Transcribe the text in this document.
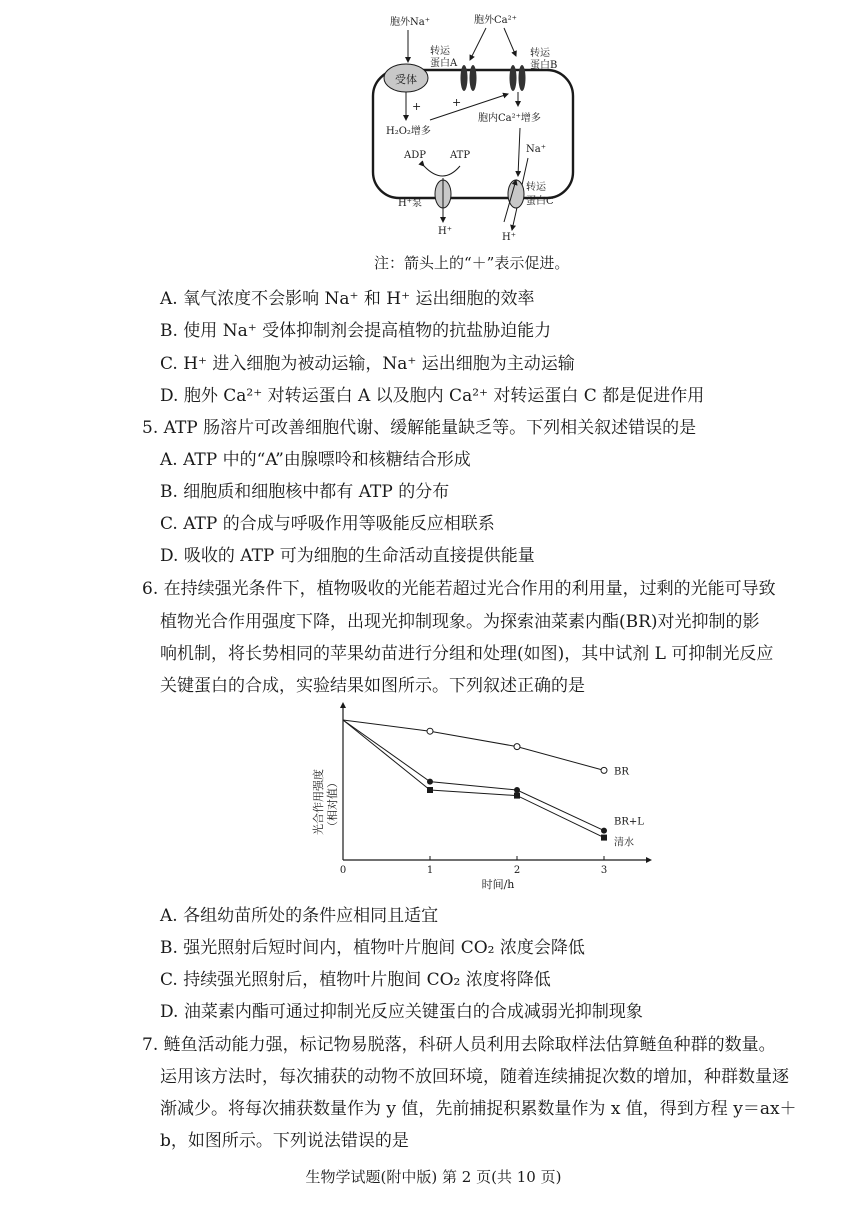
受体
胞外Na⁺	胞外Ca²⁺
转运
蛋白A
转运
蛋白B
+
H₂O₂增多
+
胞内Ca²⁺增多
Na⁺
ADP ATP
H⁺泵
H⁺
转运
蛋白C
H⁺
注：箭头上的“＋”表示促进。
A. 氧气浓度不会影响 Na⁺ 和 H⁺ 运出细胞的效率
B. 使用 Na⁺ 受体抑制剂会提高植物的抗盐胁迫能力
C. H⁺ 进入细胞为被动运输，Na⁺ 运出细胞为主动运输
D. 胞外 Ca²⁺ 对转运蛋白 A 以及胞内 Ca²⁺ 对转运蛋白 C 都是促进作用
5. ATP 肠溶片可改善细胞代谢、缓解能量缺乏等。下列相关叙述错误的是
A. ATP 中的“A”由腺嘌呤和核糖结合形成
B. 细胞质和细胞核中都有 ATP 的分布
C. ATP 的合成与呼吸作用等吸能反应相联系
D. 吸收的 ATP 可为细胞的生命活动直接提供能量
6. 在持续强光条件下，植物吸收的光能若超过光合作用的利用量，过剩的光能可导致
植物光合作用强度下降，出现光抑制现象。为探索油菜素内酯(BR)对光抑制的影
响机制，将长势相同的苹果幼苗进行分组和处理(如图)，其中试剂 L 可抑制光反应
关键蛋白的合成，实验结果如图所示。下列叙述正确的是
光合作用强度 （相对值）
时间/h
0	1	2	3
BR
BR+L
清水
A. 各组幼苗所处的条件应相同且适宜
B. 强光照射后短时间内，植物叶片胞间 CO₂ 浓度会降低
C. 持续强光照射后，植物叶片胞间 CO₂ 浓度将降低
D. 油菜素内酯可通过抑制光反应关键蛋白的合成减弱光抑制现象
7. 鲢鱼活动能力强，标记物易脱落，科研人员利用去除取样法估算鲢鱼种群的数量。
运用该方法时，每次捕获的动物不放回环境，随着连续捕捉次数的增加，种群数量逐
渐减少。将每次捕获数量作为 y 值，先前捕捉积累数量作为 x 值，得到方程 y＝ax＋
b，如图所示。下列说法错误的是
生物学试题(附中版) 第 2 页(共 10 页)
